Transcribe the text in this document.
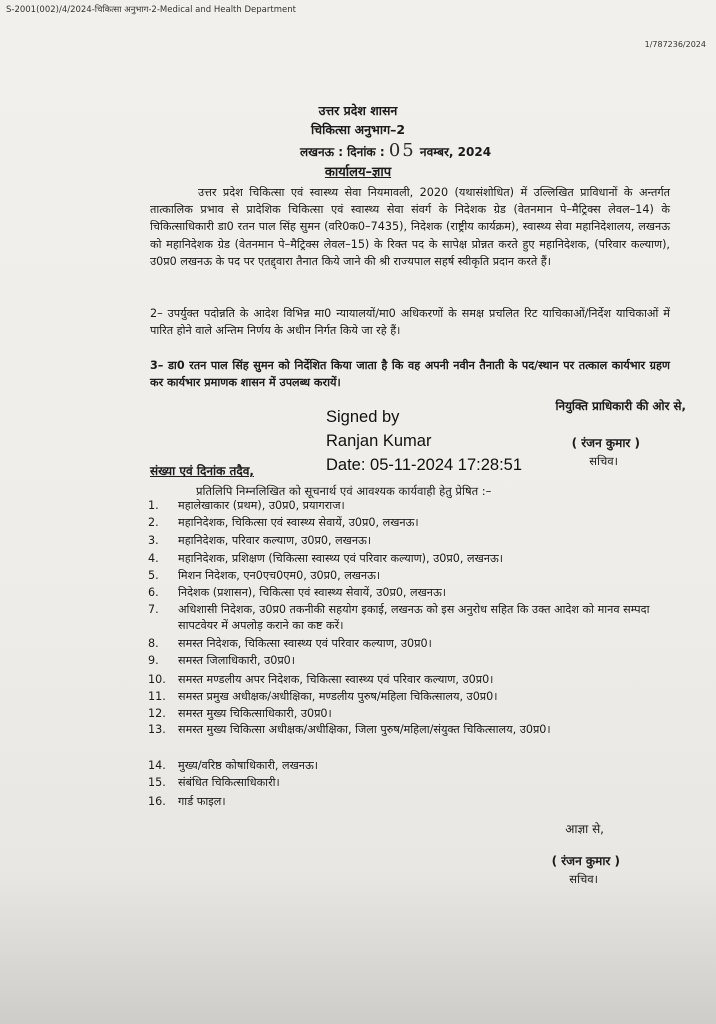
S-2001(002)/4/2024-चिकित्सा अनुभाग-2-Medical and Health Department
1/787236/2024
उत्तर प्रदेश शासन
चिकित्सा अनुभाग–2
लखनऊ : दिनांक : 05 नवम्बर, 2024
कार्यालय–ज्ञाप
उत्तर प्रदेश चिकित्सा एवं स्वास्थ्य सेवा नियमावली, 2020 (यथासंशोधित) में उल्लिखित प्राविधानों के अन्तर्गत तात्कालिक प्रभाव से प्रादेशिक चिकित्सा एवं स्वास्थ्य सेवा संवर्ग के निदेशक ग्रेड (वेतनमान पे–मैट्रिक्स लेवल–14) के चिकित्साधिकारी डा0 रतन पाल सिंह सुमन (वरि0क0–7435), निदेशक (राष्ट्रीय कार्यक्रम), स्वास्थ्य सेवा महानिदेशालय, लखनऊ को महानिदेशक ग्रेड (वेतनमान पे–मैट्रिक्स लेवल–15) के रिक्त पद के सापेक्ष प्रोन्नत करते हुए महानिदेशक, (परिवार कल्याण), उ0प्र0 लखनऊ के पद पर एतद्द्वारा तैनात किये जाने की श्री राज्यपाल सहर्ष स्वीकृति प्रदान करते हैं।
2– उपर्युक्त पदोन्नति के आदेश विभिन्न मा0 न्यायालयों/मा0 अधिकरणों के समक्ष प्रचलित रिट याचिकाओं/निर्देश याचिकाओं में पारित होने वाले अन्तिम निर्णय के अधीन निर्गत किये जा रहे हैं।
3– डा0 रतन पाल सिंह सुमन को निर्देशित किया जाता है कि वह अपनी नवीन तैनाती के पद/स्थान पर तत्काल कार्यभार ग्रहण कर कार्यभार प्रमाणक शासन में उपलब्ध करायें।
नियुक्ति प्राधिकारी की ओर से,
Signed by
Ranjan Kumar
Date: 05-11-2024 17:28:51
( रंजन कुमार )
सचिव।
संख्या एवं दिनांक तदैव,
प्रतिलिपि निम्नलिखित को सूचनार्थ एवं आवश्यक कार्यवाही हेतु प्रेषित :–
1.	महालेखाकार (प्रथम), उ0प्र0, प्रयागराज।
2.	महानिदेशक, चिकित्सा एवं स्वास्थ्य सेवायें, उ0प्र0, लखनऊ।
3.	महानिदेशक, परिवार कल्याण, उ0प्र0, लखनऊ।
4.	महानिदेशक, प्रशिक्षण (चिकित्सा स्वास्थ्य एवं परिवार कल्याण), उ0प्र0, लखनऊ।
5.	मिशन निदेशक, एन0एच0एम0, उ0प्र0, लखनऊ।
6.	निदेशक (प्रशासन), चिकित्सा एवं स्वास्थ्य सेवायें, उ0प्र0, लखनऊ।
7.	अधिशासी निदेशक, उ0प्र0 तकनीकी सहयोग इकाई, लखनऊ को इस अनुरोध सहित कि उक्त आदेश को मानव सम्पदा सापटवेयर में अपलोड़ कराने का कष्ट करें।
8.	समस्त निदेशक, चिकित्सा स्वास्थ्य एवं परिवार कल्याण, उ0प्र0।
9.	समस्त जिलाधिकारी, उ0प्र0।
10.	समस्त मण्डलीय अपर निदेशक, चिकित्सा स्वास्थ्य एवं परिवार कल्याण, उ0प्र0।
11.	समस्त प्रमुख अधीक्षक/अधीक्षिका, मण्डलीय पुरुष/महिला चिकित्सालय, उ0प्र0।
12.	समस्त मुख्य चिकित्साधिकारी, उ0प्र0।
13.	समस्त मुख्य चिकित्सा अधीक्षक/अधीक्षिका, जिला पुरुष/महिला/संयुक्त चिकित्सालय, उ0प्र0।
14.	मुख्य/वरिष्ठ कोषाधिकारी, लखनऊ।
15.	संबंधित चिकित्साधिकारी।
16.	गार्ड फाइल।
आज्ञा से,
( रंजन कुमार )
सचिव।
